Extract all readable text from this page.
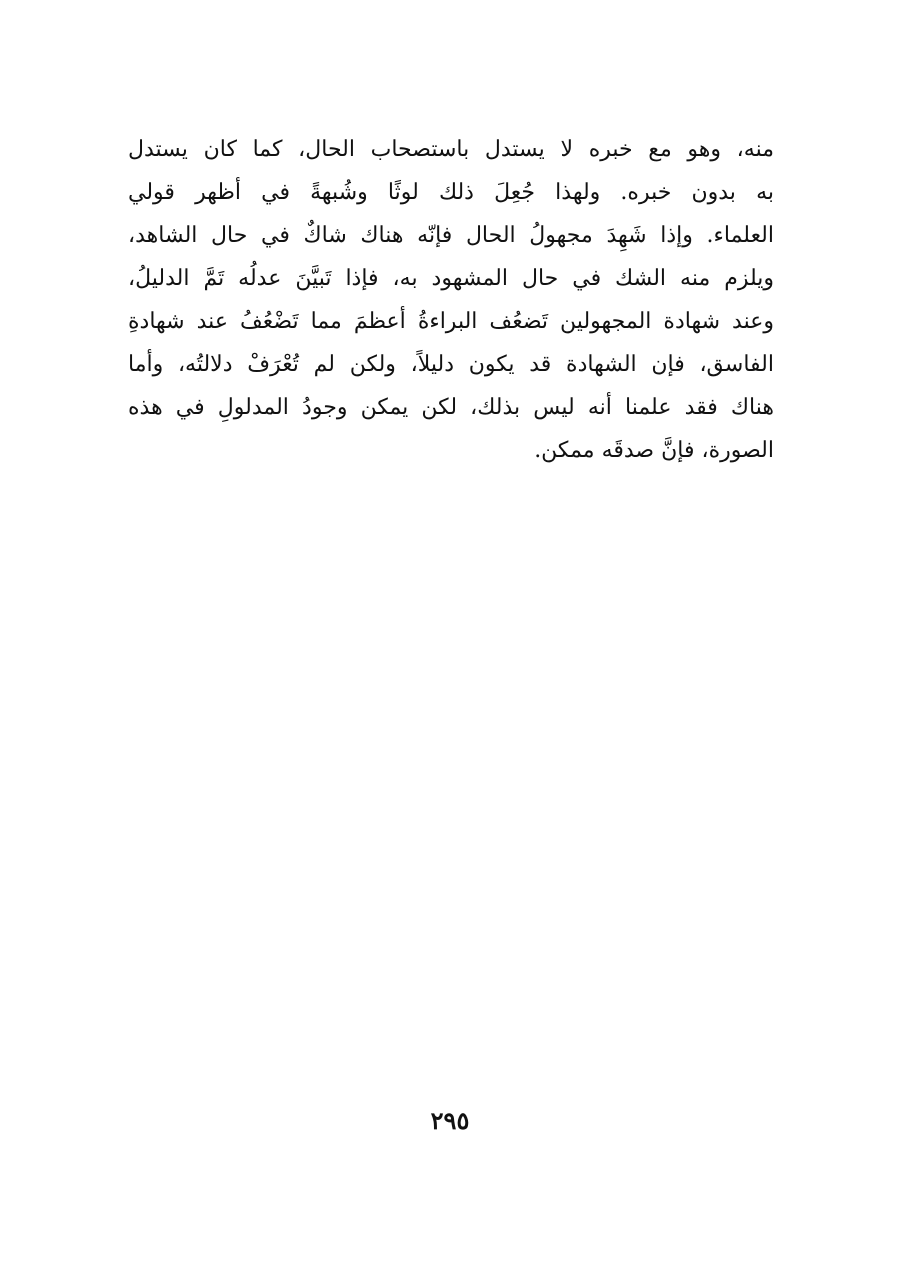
منه، وهو مع خبره لا يستدل باستصحاب الحال، كما كان يستدل
به بدون خبره. ولهذا جُعِلَ ذلك لوثًا وشُبهةً في أظهر قولي
العلماء. وإذا شَهِدَ مجهولُ الحال فإنّه هناك شاكٌ في حال الشاهد،
ويلزم منه الشك في حال المشهود به، فإذا تَبيَّنَ عدلُه تَمَّ الدليلُ،
وعند شهادة المجهولين تَضعُف البراءةُ أعظمَ مما تَضْعُفُ عند شهادةِ
الفاسق، فإن الشهادة قد يكون دليلاً، ولكن لم تُعْرَفْ دلالتُه، وأما
هناك فقد علمنا أنه ليس بذلك، لكن يمكن وجودُ المدلولِ في هذه
الصورة، فإنَّ صدقَه ممكن.
٢٩٥
